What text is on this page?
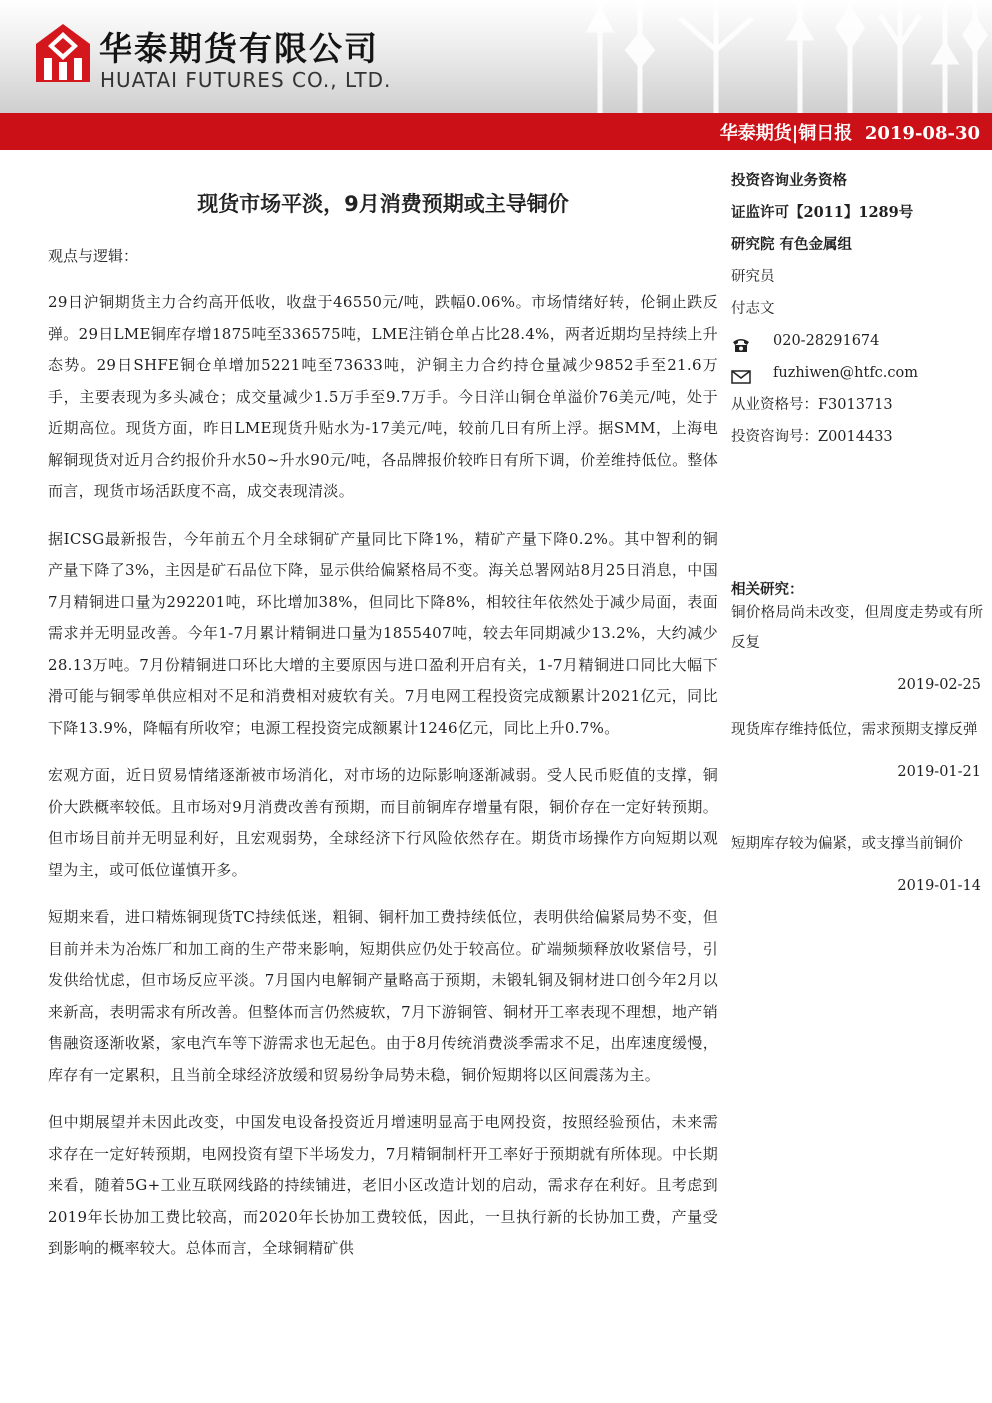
华泰期货有限公司
HUATAI FUTURES CO., LTD.
华泰期货|铜日报 2019-08-30
现货市场平淡，9月消费预期或主导铜价
观点与逻辑：

29日沪铜期货主力合约高开低收，收盘于46550元/吨，跌幅0.06%。市场情绪好转，伦铜止跌反弹。29日LME铜库存增1875吨至336575吨，LME注销仓单占比28.4%，两者近期均呈持续上升态势。29日SHFE铜仓单增加5221吨至73633吨，沪铜主力合约持仓量减少9852手至21.6万手，主要表现为多头减仓；成交量减少1.5万手至9.7万手。今日洋山铜仓单溢价76美元/吨，处于近期高位。现货方面，昨日LME现货升贴水为-17美元/吨，较前几日有所上浮。据SMM，上海电解铜现货对近月合约报价升水50~升水90元/吨，各品牌报价较昨日有所下调，价差维持低位。整体而言，现货市场活跃度不高，成交表现清淡。

据ICSG最新报告，今年前五个月全球铜矿产量同比下降1%，精矿产量下降0.2%。其中智利的铜产量下降了3%，主因是矿石品位下降，显示供给偏紧格局不变。海关总署网站8月25日消息，中国7月精铜进口量为292201吨，环比增加38%，但同比下降8%，相较往年依然处于减少局面，表面需求并无明显改善。今年1-7月累计精铜进口量为1855407吨，较去年同期减少13.2%，大约减少28.13万吨。7月份精铜进口环比大增的主要原因与进口盈利开启有关，1-7月精铜进口同比大幅下滑可能与铜零单供应相对不足和消费相对疲软有关。7月电网工程投资完成额累计2021亿元，同比下降13.9%，降幅有所收窄；电源工程投资完成额累计1246亿元，同比上升0.7%。

宏观方面，近日贸易情绪逐渐被市场消化，对市场的边际影响逐渐减弱。受人民币贬值的支撑，铜价大跌概率较低。且市场对9月消费改善有预期，而目前铜库存增量有限，铜价存在一定好转预期。但市场目前并无明显利好，且宏观弱势，全球经济下行风险依然存在。期货市场操作方向短期以观望为主，或可低位谨慎开多。

短期来看，进口精炼铜现货TC持续低迷，粗铜、铜杆加工费持续低位，表明供给偏紧局势不变，但目前并未为冶炼厂和加工商的生产带来影响，短期供应仍处于较高位。矿端频频释放收紧信号，引发供给忧虑，但市场反应平淡。7月国内电解铜产量略高于预期，未锻轧铜及铜材进口创今年2月以来新高，表明需求有所改善。但整体而言仍然疲软，7月下游铜管、铜材开工率表现不理想，地产销售融资逐渐收紧，家电汽车等下游需求也无起色。由于8月传统消费淡季需求不足，出库速度缓慢，库存有一定累积，且当前全球经济放缓和贸易纷争局势未稳，铜价短期将以区间震荡为主。

但中期展望并未因此改变，中国发电设备投资近月增速明显高于电网投资，按照经验预估，未来需求存在一定好转预期，电网投资有望下半场发力，7月精铜制杆开工率好于预期就有所体现。中长期来看，随着5G+工业互联网线路的持续铺进，老旧小区改造计划的启动，需求存在利好。且考虑到2019年长协加工费比较高，而2020年长协加工费较低，因此，一旦执行新的长协加工费，产量受到影响的概率较大。总体而言，全球铜精矿供

投资咨询业务资格
证监许可【2011】1289号
研究院 有色金属组
研究员
付志文
020-28291674
fuzhiwen@htfc.com
从业资格号：F3013713
投资咨询号：Z0014433
相关研究：
铜价格局尚未改变，但周度走势或有所反复
2019-02-25
现货库存维持低位，需求预期支撑反弹
2019-01-21
短期库存较为偏紧，或支撑当前铜价
2019-01-14
